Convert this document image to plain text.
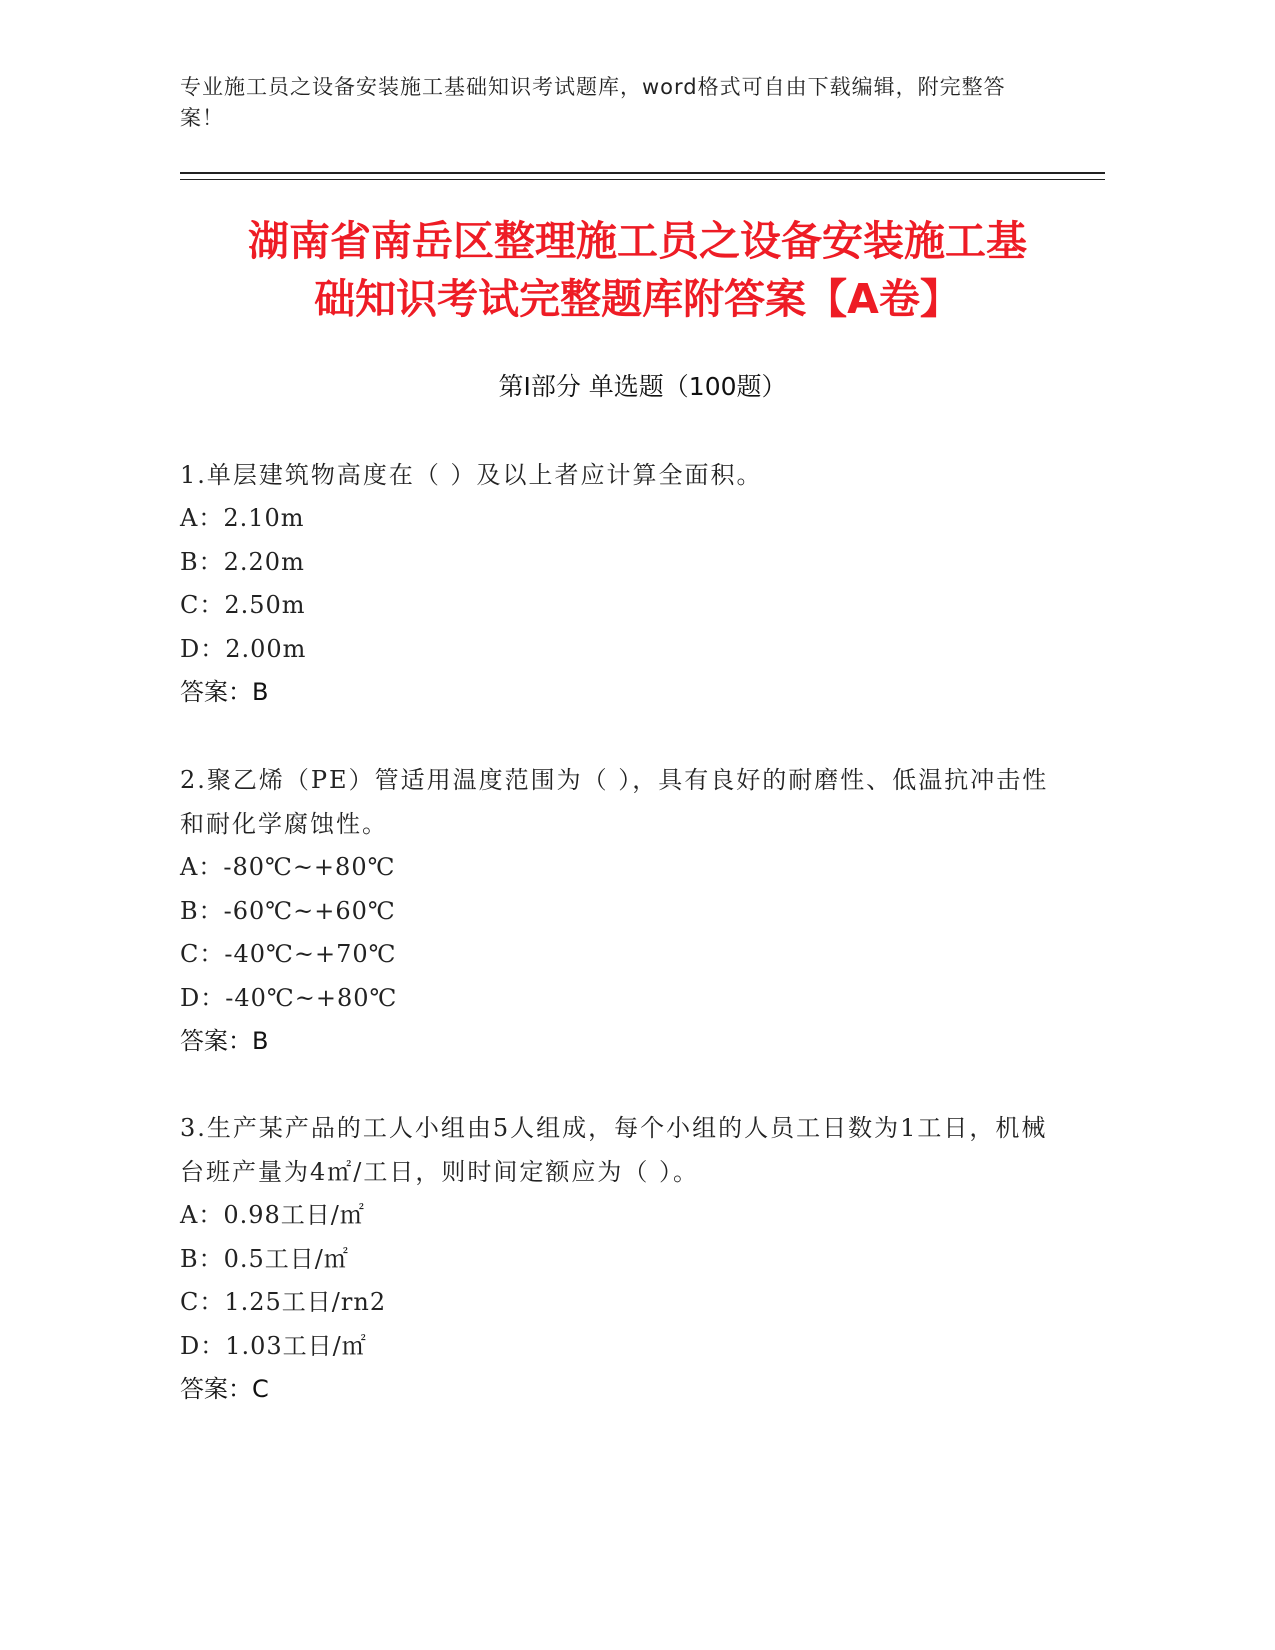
专业施工员之设备安装施工基础知识考试题库，word格式可自由下载编辑，附完整答案！
湖南省南岳区整理施工员之设备安装施工基
础知识考试完整题库附答案【A卷】
第I部分 单选题（100题）
1.单层建筑物高度在（ ）及以上者应计算全面积。
A：2.10m
B：2.20m
C：2.50m
D：2.00m
答案：B
2.聚乙烯（PE）管适用温度范围为（ ），具有良好的耐磨性、低温抗冲击性和耐化学腐蚀性。
A：-80℃~+80℃
B：-60℃~+60℃
C：-40℃~+70℃
D：-40℃~+80℃
答案：B
3.生产某产品的工人小组由5人组成，每个小组的人员工日数为1工日，机械台班产量为4㎡/工日，则时间定额应为（ ）。
A：0.98工日/㎡
B：0.5工日/㎡
C：1.25工日/rn2
D：1.03工日/㎡
答案：C
